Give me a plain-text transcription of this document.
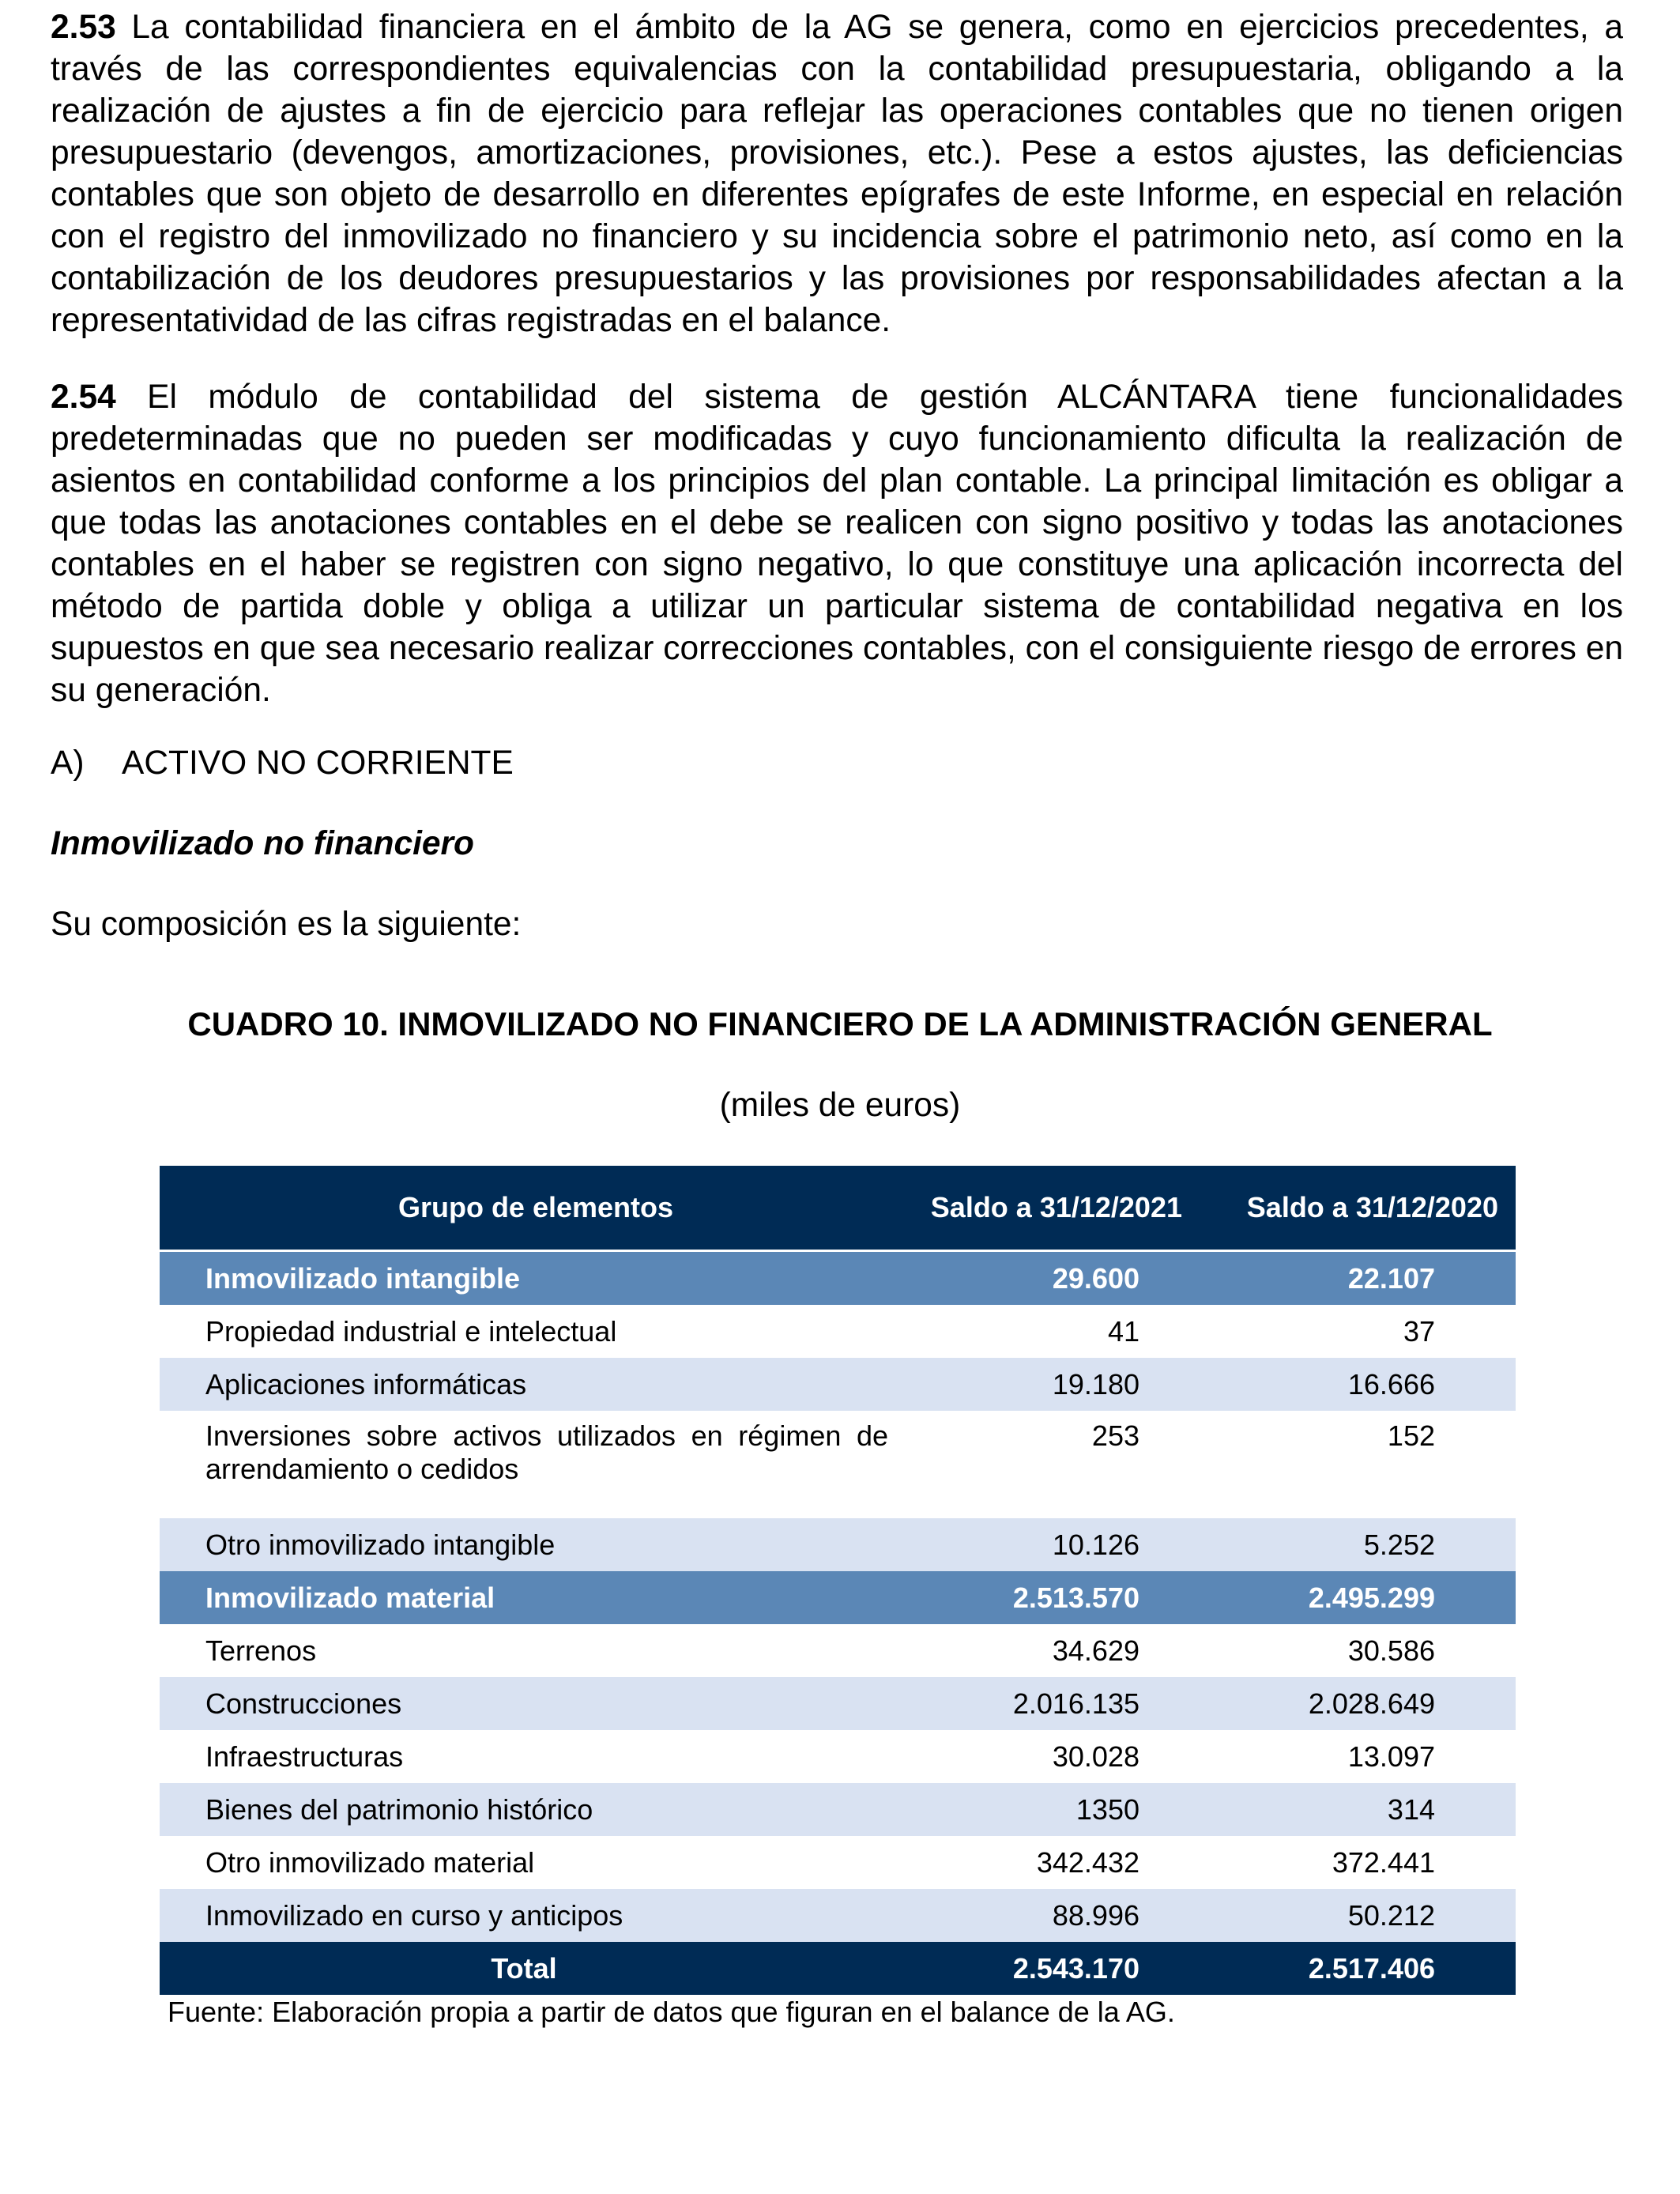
2.53 La contabilidad financiera en el ámbito de la AG se genera, como en ejercicios precedentes, a través de las correspondientes equivalencias con la contabilidad presupuestaria, obligando a la realización de ajustes a fin de ejercicio para reflejar las operaciones contables que no tienen origen presupuestario (devengos, amortizaciones, provisiones, etc.). Pese a estos ajustes, las deficiencias contables que son objeto de desarrollo en diferentes epígrafes de este Informe, en especial en relación con el registro del inmovilizado no financiero y su incidencia sobre el patrimonio neto, así como en la contabilización de los deudores presupuestarios y las provisiones por responsabilidades afectan a la representatividad de las cifras registradas en el balance.

2.54 El módulo de contabilidad del sistema de gestión ALCÁNTARA tiene funcionalidades predeterminadas que no pueden ser modificadas y cuyo funcionamiento dificulta la realización de asientos en contabilidad conforme a los principios del plan contable. La principal limitación es obligar a que todas las anotaciones contables en el debe se realicen con signo positivo y todas las anotaciones contables en el haber se registren con signo negativo, lo que constituye una aplicación incorrecta del método de partida doble y obliga a utilizar un particular sistema de contabilidad negativa en los supuestos en que sea necesario realizar correcciones contables, con el consiguiente riesgo de errores en su generación.

A) ACTIVO NO CORRIENTE

Inmovilizado no financiero

Su composición es la siguiente:

CUADRO 10. INMOVILIZADO NO FINANCIERO DE LA ADMINISTRACIÓN GENERAL

(miles de euros)

Grupo de elementos	Saldo a 31/12/2021	Saldo a 31/12/2020

Inmovilizado intangible	29.600	22.107
Propiedad industrial e intelectual	41	37
Aplicaciones informáticas	19.180	16.666
Inversiones sobre activos utilizados en régimen de arrendamiento o cedidos	253	152
Otro inmovilizado intangible	10.126	5.252
Inmovilizado material	2.513.570	2.495.299
Terrenos	34.629	30.586
Construcciones	2.016.135	2.028.649
Infraestructuras	30.028	13.097
Bienes del patrimonio histórico	1350	314
Otro inmovilizado material	342.432	372.441
Inmovilizado en curso y anticipos	88.996	50.212
Total	2.543.170	2.517.406

Fuente: Elaboración propia a partir de datos que figuran en el balance de la AG.
